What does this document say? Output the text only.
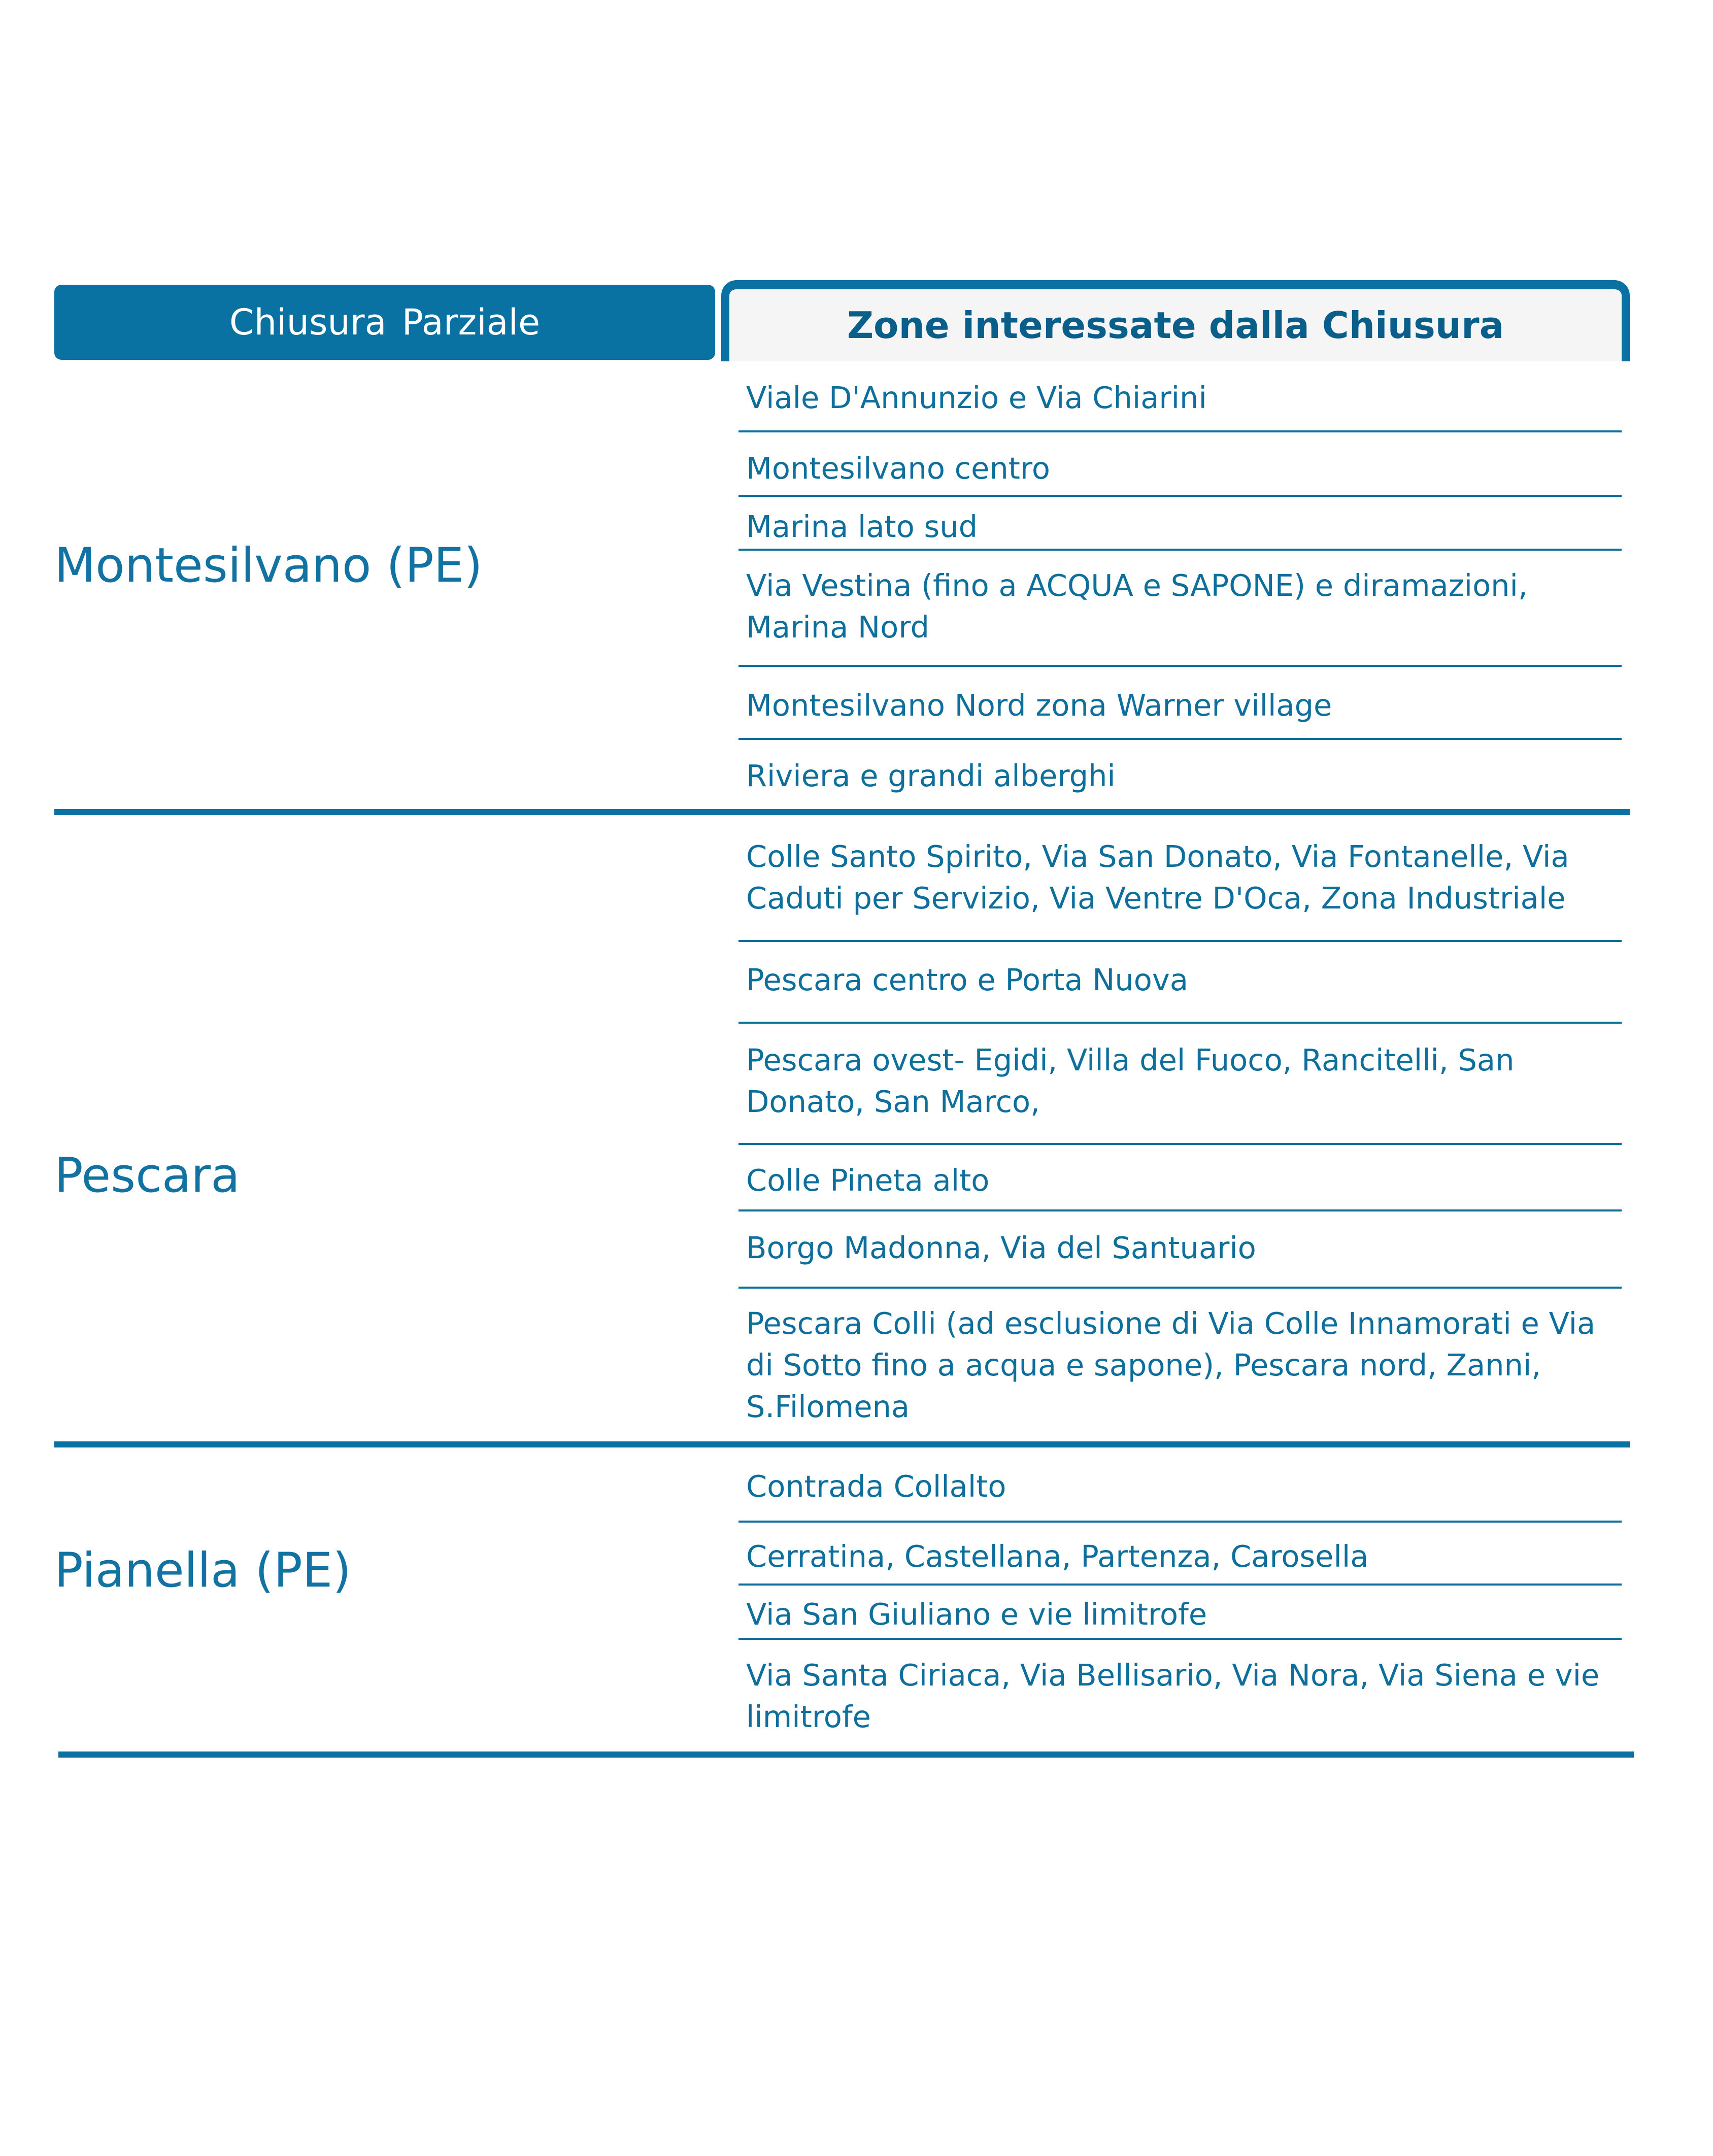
Chiusura Parziale	Zone interessate dalla Chiusura
Montesilvano (PE)
Viale D'Annunzio e Via Chiarini
Montesilvano centro
Marina lato sud
Via Vestina (fino a ACQUA e SAPONE) e diramazioni, Marina Nord
Montesilvano Nord zona Warner village
Riviera e grandi alberghi
Pescara
Colle Santo Spirito, Via San Donato, Via Fontanelle, Via Caduti per Servizio, Via Ventre D'Oca, Zona Industriale
Pescara centro e Porta Nuova
Pescara ovest- Egidi, Villa del Fuoco, Rancitelli, San Donato, San Marco,
Colle Pineta alto
Borgo Madonna, Via del Santuario
Pescara Colli (ad esclusione di Via Colle Innamorati e Via di Sotto fino a acqua e sapone), Pescara nord, Zanni, S.Filomena
Pianella (PE)
Contrada Collalto
Cerratina, Castellana, Partenza, Carosella
Via San Giuliano e vie limitrofe
Via Santa Ciriaca, Via Bellisario, Via Nora, Via Siena e vie limitrofe
